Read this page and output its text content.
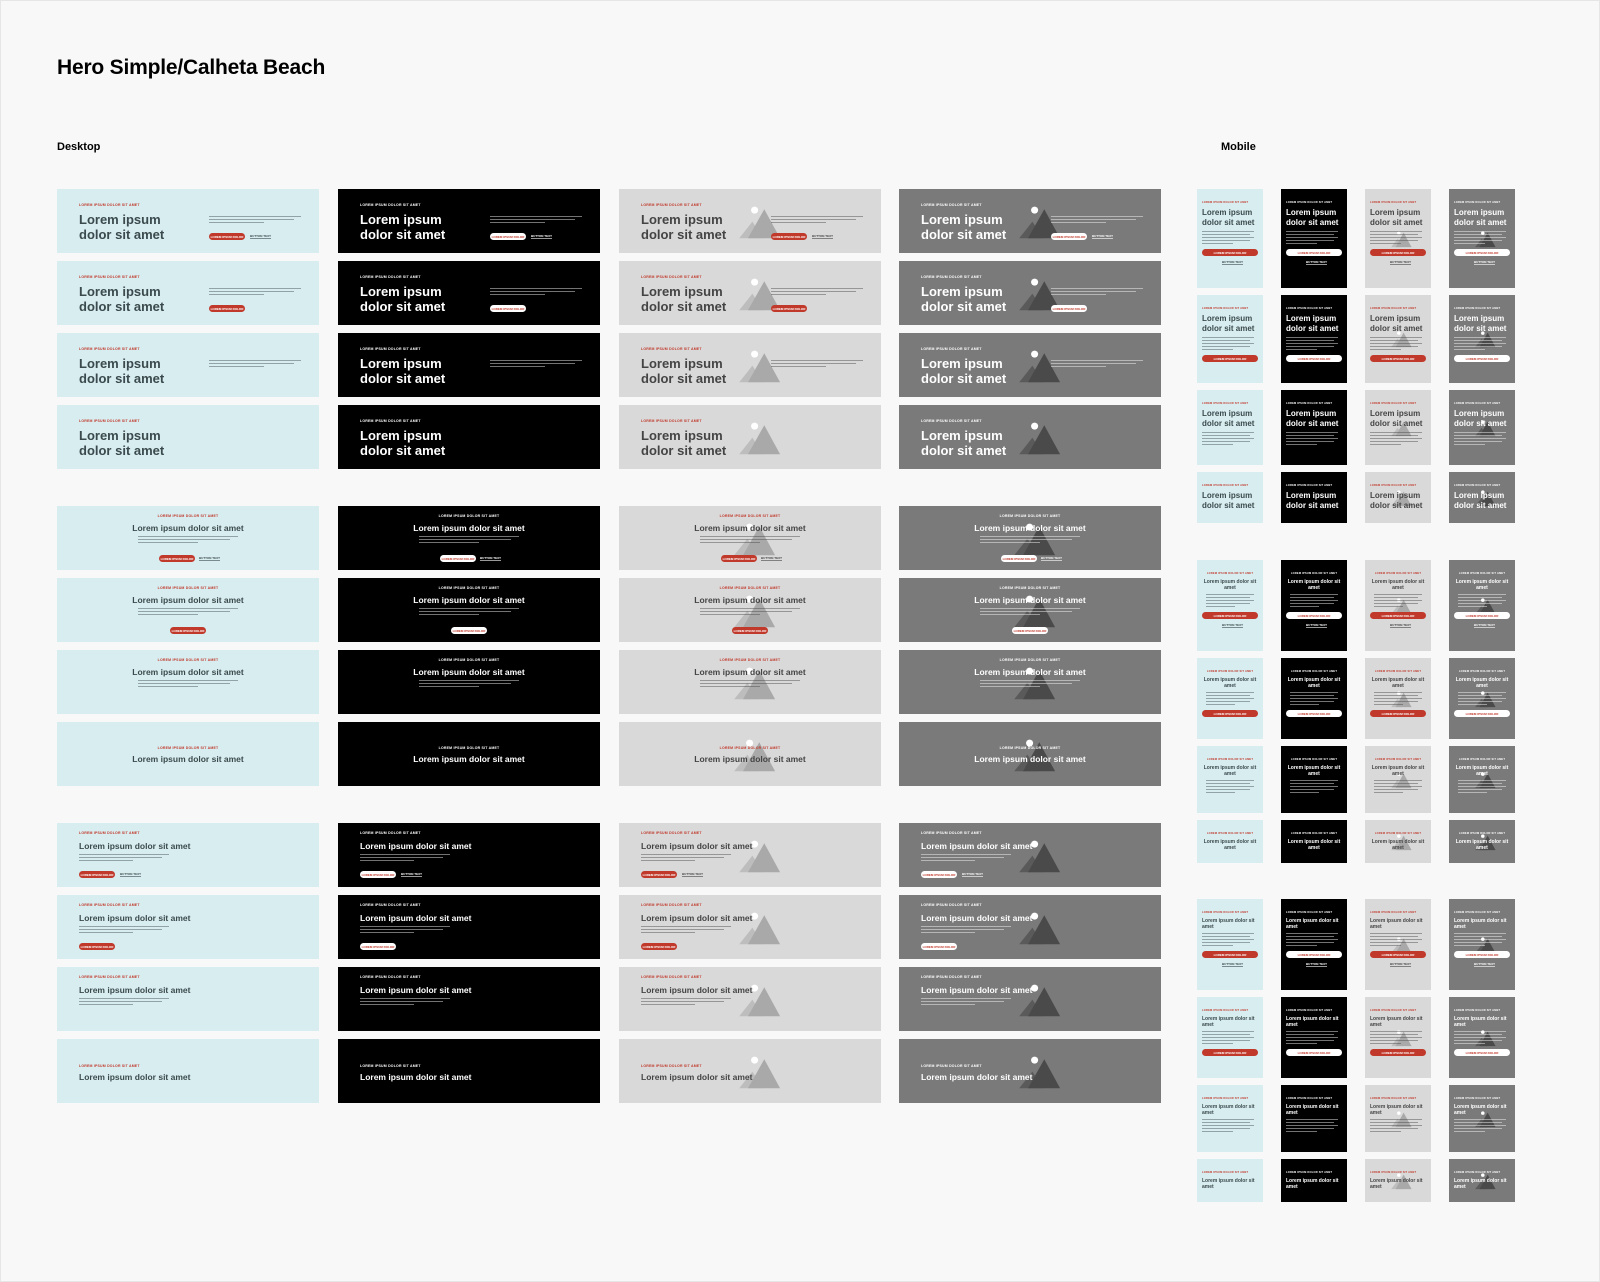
Hero Simple/Calheta Beach
Desktop	Mobile
LOREM IPSUM DOLOR SIT AMET
Lorem ipsum dolor sit amet	LOREM IPSUM DOLOR	BUTTON TEXT
LOREM IPSUM DOLOR SIT AMET
Lorem ipsum dolor sit amet	LOREM IPSUM DOLOR	BUTTON TEXT
LOREM IPSUM DOLOR SIT AMET
Lorem ipsum dolor sit amet	LOREM IPSUM DOLOR	BUTTON TEXT
LOREM IPSUM DOLOR SIT AMET
Lorem ipsum dolor sit amet	LOREM IPSUM DOLOR	BUTTON TEXT
LOREM IPSUM DOLOR SIT AMET
Lorem ipsum dolor sit amet	LOREM IPSUM DOLOR
LOREM IPSUM DOLOR SIT AMET
Lorem ipsum dolor sit amet	LOREM IPSUM DOLOR
LOREM IPSUM DOLOR SIT AMET
Lorem ipsum dolor sit amet	LOREM IPSUM DOLOR
LOREM IPSUM DOLOR SIT AMET
Lorem ipsum dolor sit amet	LOREM IPSUM DOLOR
LOREM IPSUM DOLOR SIT AMET
Lorem ipsum dolor sit amet
LOREM IPSUM DOLOR SIT AMET
Lorem ipsum dolor sit amet
LOREM IPSUM DOLOR SIT AMET
Lorem ipsum dolor sit amet
LOREM IPSUM DOLOR SIT AMET
Lorem ipsum dolor sit amet
LOREM IPSUM DOLOR SIT AMET
Lorem ipsum dolor sit amet
LOREM IPSUM DOLOR SIT AMET
Lorem ipsum dolor sit amet
LOREM IPSUM DOLOR SIT AMET
Lorem ipsum dolor sit amet
LOREM IPSUM DOLOR SIT AMET
Lorem ipsum dolor sit amet
LOREM IPSUM DOLOR SIT AMET
Lorem ipsum dolor sit amet
LOREM IPSUM DOLOR	BUTTON TEXT
LOREM IPSUM DOLOR SIT AMET
Lorem ipsum dolor sit amet
LOREM IPSUM DOLOR	BUTTON TEXT
LOREM IPSUM DOLOR SIT AMET
Lorem ipsum dolor sit amet
LOREM IPSUM DOLOR	BUTTON TEXT
LOREM IPSUM DOLOR SIT AMET
Lorem ipsum dolor sit amet
LOREM IPSUM DOLOR	BUTTON TEXT
LOREM IPSUM DOLOR SIT AMET
Lorem ipsum dolor sit amet
LOREM IPSUM DOLOR
LOREM IPSUM DOLOR SIT AMET
Lorem ipsum dolor sit amet
LOREM IPSUM DOLOR
LOREM IPSUM DOLOR SIT AMET
Lorem ipsum dolor sit amet
LOREM IPSUM DOLOR
LOREM IPSUM DOLOR SIT AMET
Lorem ipsum dolor sit amet
LOREM IPSUM DOLOR
LOREM IPSUM DOLOR SIT AMET
Lorem ipsum dolor sit amet
LOREM IPSUM DOLOR SIT AMET
Lorem ipsum dolor sit amet
LOREM IPSUM DOLOR SIT AMET
Lorem ipsum dolor sit amet
LOREM IPSUM DOLOR SIT AMET
Lorem ipsum dolor sit amet
LOREM IPSUM DOLOR SIT AMET
Lorem ipsum dolor sit amet
LOREM IPSUM DOLOR SIT AMET
Lorem ipsum dolor sit amet
LOREM IPSUM DOLOR SIT AMET
Lorem ipsum dolor sit amet
LOREM IPSUM DOLOR SIT AMET
Lorem ipsum dolor sit amet
LOREM IPSUM DOLOR SIT AMET
Lorem ipsum dolor sit amet
LOREM IPSUM DOLOR	BUTTON TEXT
LOREM IPSUM DOLOR SIT AMET
Lorem ipsum dolor sit amet
LOREM IPSUM DOLOR	BUTTON TEXT
LOREM IPSUM DOLOR SIT AMET
Lorem ipsum dolor sit amet
LOREM IPSUM DOLOR	BUTTON TEXT
LOREM IPSUM DOLOR SIT AMET
Lorem ipsum dolor sit amet
LOREM IPSUM DOLOR	BUTTON TEXT
LOREM IPSUM DOLOR SIT AMET
Lorem ipsum dolor sit amet
LOREM IPSUM DOLOR
LOREM IPSUM DOLOR SIT AMET
Lorem ipsum dolor sit amet
LOREM IPSUM DOLOR
LOREM IPSUM DOLOR SIT AMET
Lorem ipsum dolor sit amet
LOREM IPSUM DOLOR
LOREM IPSUM DOLOR SIT AMET
Lorem ipsum dolor sit amet
LOREM IPSUM DOLOR
LOREM IPSUM DOLOR SIT AMET
Lorem ipsum dolor sit amet
LOREM IPSUM DOLOR SIT AMET
Lorem ipsum dolor sit amet
LOREM IPSUM DOLOR SIT AMET
Lorem ipsum dolor sit amet
LOREM IPSUM DOLOR SIT AMET
Lorem ipsum dolor sit amet
LOREM IPSUM DOLOR SIT AMET
Lorem ipsum dolor sit amet
LOREM IPSUM DOLOR SIT AMET
Lorem ipsum dolor sit amet
LOREM IPSUM DOLOR SIT AMET
Lorem ipsum dolor sit amet
LOREM IPSUM DOLOR SIT AMET
Lorem ipsum dolor sit amet
LOREM IPSUM DOLOR SIT AMET
Lorem ipsum dolor sit amet
LOREM IPSUM DOLOR
BUTTON TEXT
LOREM IPSUM DOLOR SIT AMET
Lorem ipsum dolor sit amet
LOREM IPSUM DOLOR
BUTTON TEXT
LOREM IPSUM DOLOR SIT AMET
Lorem ipsum dolor sit amet
LOREM IPSUM DOLOR
BUTTON TEXT
LOREM IPSUM DOLOR SIT AMET
Lorem ipsum dolor sit amet
LOREM IPSUM DOLOR
BUTTON TEXT
LOREM IPSUM DOLOR SIT AMET
Lorem ipsum dolor sit amet
LOREM IPSUM DOLOR
LOREM IPSUM DOLOR SIT AMET
Lorem ipsum dolor sit amet
LOREM IPSUM DOLOR
LOREM IPSUM DOLOR SIT AMET
Lorem ipsum dolor sit amet
LOREM IPSUM DOLOR
LOREM IPSUM DOLOR SIT AMET
Lorem ipsum dolor sit amet
LOREM IPSUM DOLOR
LOREM IPSUM DOLOR SIT AMET
Lorem ipsum dolor sit amet
LOREM IPSUM DOLOR SIT AMET
Lorem ipsum dolor sit amet
LOREM IPSUM DOLOR SIT AMET
Lorem ipsum dolor sit amet
LOREM IPSUM DOLOR SIT AMET
Lorem ipsum dolor sit amet
LOREM IPSUM DOLOR SIT AMET
Lorem ipsum dolor sit amet
LOREM IPSUM DOLOR SIT AMET
Lorem ipsum dolor sit amet
LOREM IPSUM DOLOR SIT AMET
Lorem ipsum dolor sit amet
LOREM IPSUM DOLOR SIT AMET
Lorem ipsum dolor sit amet
LOREM IPSUM DOLOR SIT AMET
Lorem ipsum dolor sit amet
LOREM IPSUM DOLOR
BUTTON TEXT
LOREM IPSUM DOLOR SIT AMET
Lorem ipsum dolor sit amet
LOREM IPSUM DOLOR
BUTTON TEXT
LOREM IPSUM DOLOR SIT AMET
Lorem ipsum dolor sit amet
LOREM IPSUM DOLOR
BUTTON TEXT
LOREM IPSUM DOLOR SIT AMET
Lorem ipsum dolor sit amet
LOREM IPSUM DOLOR
BUTTON TEXT
LOREM IPSUM DOLOR SIT AMET
Lorem ipsum dolor sit amet
LOREM IPSUM DOLOR
LOREM IPSUM DOLOR SIT AMET
Lorem ipsum dolor sit amet
LOREM IPSUM DOLOR
LOREM IPSUM DOLOR SIT AMET
Lorem ipsum dolor sit amet
LOREM IPSUM DOLOR
LOREM IPSUM DOLOR SIT AMET
Lorem ipsum dolor sit amet
LOREM IPSUM DOLOR
LOREM IPSUM DOLOR SIT AMET
Lorem ipsum dolor sit amet
LOREM IPSUM DOLOR SIT AMET
Lorem ipsum dolor sit amet
LOREM IPSUM DOLOR SIT AMET
Lorem ipsum dolor sit amet
LOREM IPSUM DOLOR SIT AMET
Lorem ipsum dolor sit amet
LOREM IPSUM DOLOR SIT AMET
Lorem ipsum dolor sit amet
LOREM IPSUM DOLOR SIT AMET
Lorem ipsum dolor sit amet
LOREM IPSUM DOLOR SIT AMET
Lorem ipsum dolor sit amet
LOREM IPSUM DOLOR SIT AMET
Lorem ipsum dolor sit amet
LOREM IPSUM DOLOR SIT AMET
Lorem ipsum dolor sit amet
LOREM IPSUM DOLOR
BUTTON TEXT
LOREM IPSUM DOLOR SIT AMET
Lorem ipsum dolor sit amet
LOREM IPSUM DOLOR
BUTTON TEXT
LOREM IPSUM DOLOR SIT AMET
Lorem ipsum dolor sit amet
LOREM IPSUM DOLOR
BUTTON TEXT
LOREM IPSUM DOLOR SIT AMET
Lorem ipsum dolor sit amet
LOREM IPSUM DOLOR
BUTTON TEXT
LOREM IPSUM DOLOR SIT AMET
Lorem ipsum dolor sit amet
LOREM IPSUM DOLOR
LOREM IPSUM DOLOR SIT AMET
Lorem ipsum dolor sit amet
LOREM IPSUM DOLOR
LOREM IPSUM DOLOR SIT AMET
Lorem ipsum dolor sit amet
LOREM IPSUM DOLOR
LOREM IPSUM DOLOR SIT AMET
Lorem ipsum dolor sit amet
LOREM IPSUM DOLOR
LOREM IPSUM DOLOR SIT AMET
Lorem ipsum dolor sit amet
LOREM IPSUM DOLOR SIT AMET
Lorem ipsum dolor sit amet
LOREM IPSUM DOLOR SIT AMET
Lorem ipsum dolor sit amet
LOREM IPSUM DOLOR SIT AMET
Lorem ipsum dolor sit amet
LOREM IPSUM DOLOR SIT AMET
Lorem ipsum dolor sit amet
LOREM IPSUM DOLOR SIT AMET
Lorem ipsum dolor sit amet
LOREM IPSUM DOLOR SIT AMET
Lorem ipsum dolor sit amet
LOREM IPSUM DOLOR SIT AMET
Lorem ipsum dolor sit amet
